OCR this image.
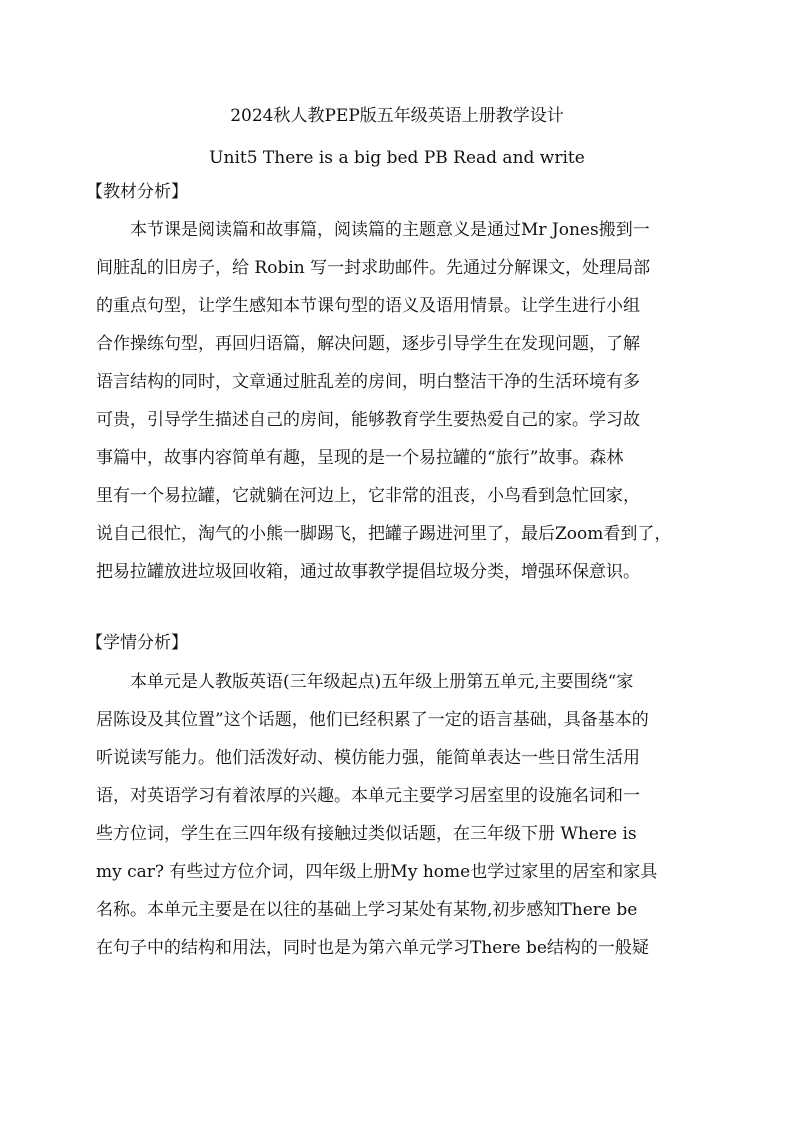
2024秋人教PEP版五年级英语上册教学设计
Unit5 There is a big bed PB Read and write
【教材分析】
本节课是阅读篇和故事篇，阅读篇的主题意义是通过Mr Jones搬到一
间脏乱的旧房子，给 Robin 写一封求助邮件。先通过分解课文，处理局部
的重点句型，让学生感知本节课句型的语义及语用情景。让学生进行小组
合作操练句型，再回归语篇，解决问题，逐步引导学生在发现问题，了解
语言结构的同时，文章通过脏乱差的房间，明白整洁干净的生活环境有多
可贵，引导学生描述自己的房间，能够教育学生要热爱自己的家。学习故
事篇中，故事内容简单有趣，呈现的是一个易拉罐的“旅行”故事。森林
里有一个易拉罐，它就躺在河边上，它非常的沮丧，小鸟看到急忙回家，
说自己很忙，淘气的小熊一脚踢飞，把罐子踢进河里了，最后Zoom看到了，
把易拉罐放进垃圾回收箱，通过故事教学提倡垃圾分类，增强环保意识。
【学情分析】
本单元是人教版英语(三年级起点)五年级上册第五单元,主要围绕“家
居陈设及其位置”这个话题，他们已经积累了一定的语言基础，具备基本的
听说读写能力。他们活泼好动、模仿能力强，能简单表达一些日常生活用
语，对英语学习有着浓厚的兴趣。本单元主要学习居室里的设施名词和一
些方位词，学生在三四年级有接触过类似话题，在三年级下册 Where is
my car? 有些过方位介词，四年级上册My home也学过家里的居室和家具
名称。本单元主要是在以往的基础上学习某处有某物,初步感知There be
在句子中的结构和用法，同时也是为第六单元学习There be结构的一般疑
